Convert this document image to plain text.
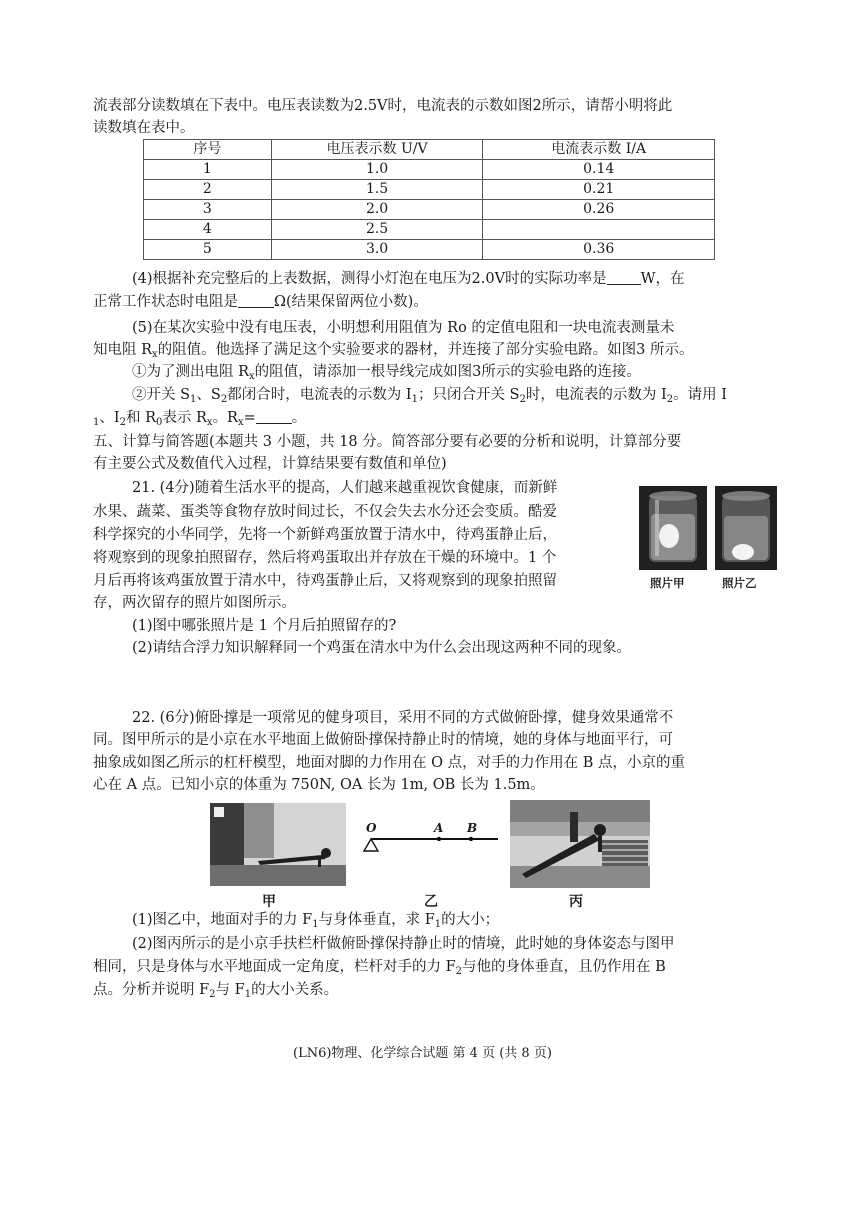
流表部分读数填在下表中。电压表读数为2.5V时，电流表的示数如图2所示，请帮小明将此
读数填在表中。
序号	电压表示数 U/V	电流表示数 I/A
1	1.0	0.14
2	1.5	0.21
3	2.0	0.26
4	2.5	
5	3.0	0.36
(4)根据补充完整后的上表数据，测得小灯泡在电压为2.0V时的实际功率是 W，在
正常工作状态时电阻是 Ω(结果保留两位小数)。
(5)在某次实验中没有电压表，小明想利用阻值为 Ro 的定值电阻和一块电流表测量未
知电阻 $R_x$的阻值。他选择了满足这个实验要求的器材，并连接了部分实验电路。如图3 所示。
①为了测出电阻 $R_x$的阻值，请添加一根导线完成如图3所示的实验电路的连接。
②开关 $S_1$、$S_2$都闭合时，电流表的示数为 $I_1$；只闭合开关 $S_2$时，电流表的示数为 $I_2$。请用 I
$_1$、$I_2$和 $R_0$表示 $R_x$。$R_x=$ 。
五、计算与简答题(本题共 3 小题，共 18 分。简答部分要有必要的分析和说明，计算部分要
有主要公式及数值代入过程，计算结果要有数值和单位)
21. (4分)随着生活水平的提高，人们越来越重视饮食健康，而新鲜
水果、蔬菜、蛋类等食物存放时间过长，不仅会失去水分还会变质。酷爱
科学探究的小华同学，先将一个新鲜鸡蛋放置于清水中，待鸡蛋静止后，
将观察到的现象拍照留存，然后将鸡蛋取出并存放在干燥的环境中。1 个
月后再将该鸡蛋放置于清水中，待鸡蛋静止后，又将观察到的现象拍照留
存，两次留存的照片如图所示。
(1)图中哪张照片是 1 个月后拍照留存的?
(2)请结合浮力知识解释同一个鸡蛋在清水中为什么会出现这两种不同的现象。
照片甲	照片乙
22. (6分)俯卧撑是一项常见的健身项目，采用不同的方式做俯卧撑，健身效果通常不
同。图甲所示的是小京在水平地面上做俯卧撑保持静止时的情境，她的身体与地面平行，可
抽象成如图乙所示的杠杆模型，地面对脚的力作用在 O 点，对手的力作用在 B 点，小京的重
心在 A 点。已知小京的体重为 750N, OA 长为 1m, OB 长为 1.5m。
甲
O	A B
乙	丙
(1)图乙中，地面对手的力 $F_1$与身体垂直，求 $F_1$的大小；
(2)图丙所示的是小京手扶栏杆做俯卧撑保持静止时的情境，此时她的身体姿态与图甲
相同，只是身体与水平地面成一定角度，栏杆对手的力 $F_2$与他的身体垂直，且仍作用在 B
点。分析并说明 $F_2$与 $F_1$的大小关系。
(LN6)物理、化学综合试题 第 4 页 (共 8 页)
